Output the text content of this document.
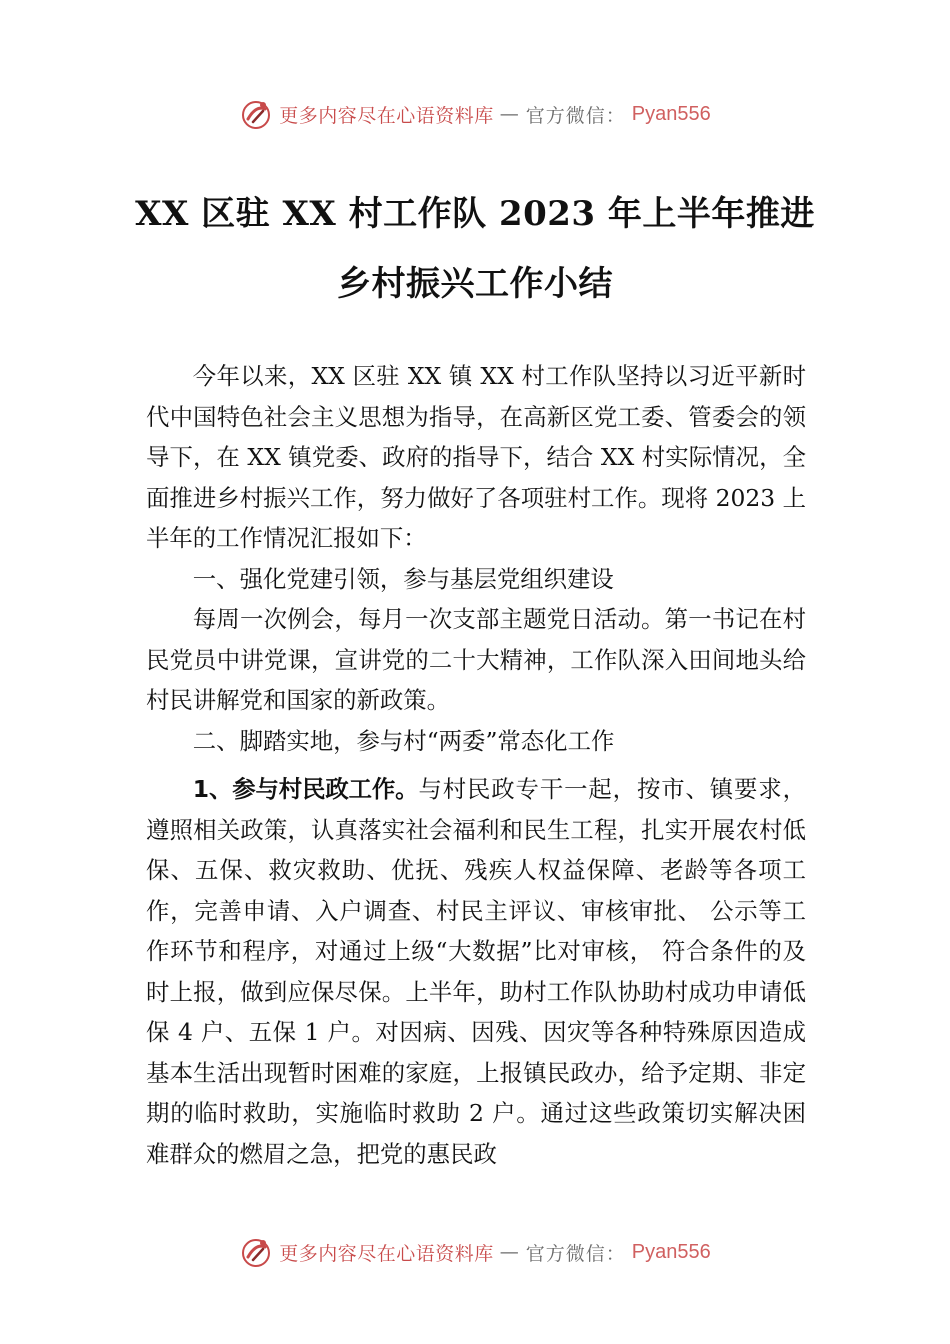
更多内容尽在心语资料库 — 官方微信： Pyan556
XX 区驻 XX 村工作队 2023 年上半年推进
乡村振兴工作小结

今年以来，XX 区驻 XX 镇 XX 村工作队坚持以习近平新时代中国特色社会主义思想为指导，在高新区党工委、管委会的领导下，在 XX 镇党委、政府的指导下，结合 XX 村实际情况，全面推进乡村振兴工作，努力做好了各项驻村工作。现将 2023 上半年的工作情况汇报如下：

一、强化党建引领，参与基层党组织建设

每周一次例会，每月一次支部主题党日活动。第一书记在村民党员中讲党课，宣讲党的二十大精神，工作队深入田间地头给村民讲解党和国家的新政策。

二、脚踏实地，参与村“两委”常态化工作

1、参与村民政工作。与村民政专干一起，按市、镇要求，遵照相关政策，认真落实社会福利和民生工程，扎实开展农村低保、五保、救灾救助、优抚、残疾人权益保障、老龄等各项工作，完善申请、入户调查、村民主评议、审核审批、 公示等工作环节和程序，对通过上级“大数据”比对审核， 符合条件的及时上报，做到应保尽保。上半年，助村工作队协助村成功申请低保 4 户、五保 1 户。对因病、因残、因灾等各种特殊原因造成基本生活出现暂时困难的家庭，上报镇民政办，给予定期、非定期的临时救助，实施临时救助 2 户。通过这些政策切实解决困难群众的燃眉之急，把党的惠民政

更多内容尽在心语资料库 — 官方微信： Pyan556
